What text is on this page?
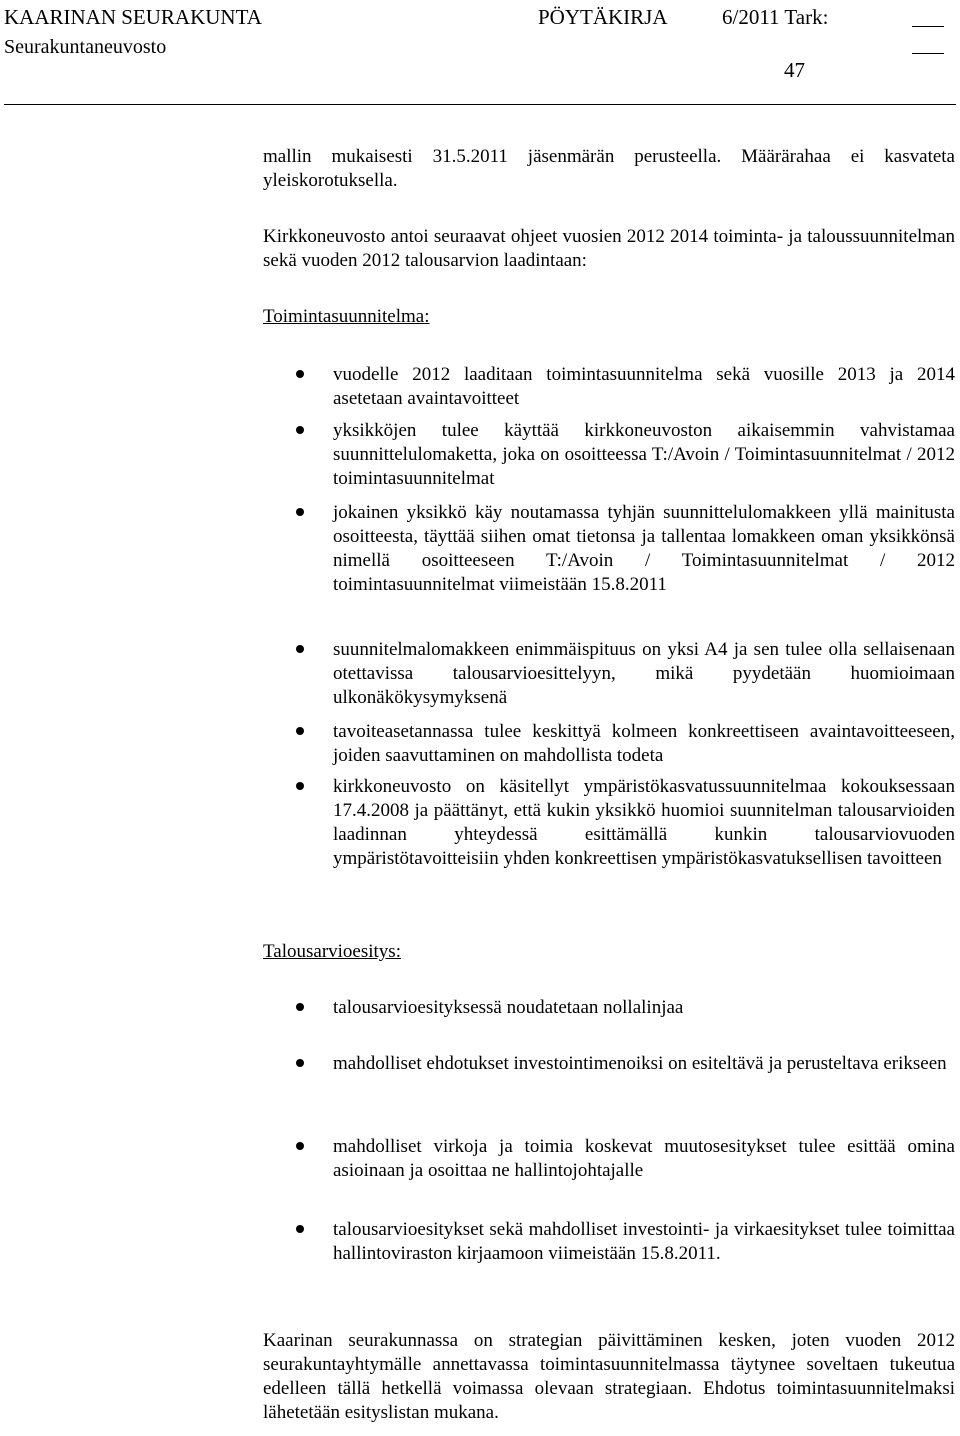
KAARINAN SEURAKUNTA	PÖYTÄKIRJA	6/2011 Tark:
Seurakuntaneuvosto
47

mallin mukaisesti 31.5.2011 jäsenmärän perusteella. Määrärahaa ei kasvateta yleiskorotuksella.

Kirkkoneuvosto antoi seuraavat ohjeet vuosien 2012 2014 toiminta- ja taloussuunnitelman sekä vuoden 2012 talousarvion laadintaan:

Toimintasuunnitelma:

vuodelle 2012 laaditaan toimintasuunnitelma sekä vuosille 2013 ja 2014 asetetaan avaintavoitteet

yksikköjen tulee käyttää kirkkoneuvoston aikaisemmin vahvistamaa suunnittelulomaketta, joka on osoitteessa T:/Avoin / Toimintasuunnitelmat / 2012 toimintasuunnitelmat

jokainen yksikkö käy noutamassa tyhjän suunnittelulomakkeen yllä mainitusta osoitteesta, täyttää siihen omat tietonsa ja tallentaa lomakkeen oman yksikkönsä nimellä osoitteeseen T:/Avoin / Toimintasuunnitelmat / 2012 toimintasuunnitelmat viimeistään 15.8.2011

suunnitelmalomakkeen enimmäispituus on yksi A4 ja sen tulee olla sellaisenaan otettavissa talousarvioesittelyyn, mikä pyydetään huomioimaan ulkonäkökysymyksenä

tavoiteasetannassa tulee keskittyä kolmeen konkreettiseen avaintavoitteeseen, joiden saavuttaminen on mahdollista todeta

kirkkoneuvosto on käsitellyt ympäristökasvatussuunnitelmaa kokouksessaan 17.4.2008 ja päättänyt, että kukin yksikkö huomioi suunnitelman talousarvioiden laadinnan yhteydessä esittämällä kunkin talousarviovuoden ympäristötavoitteisiin yhden konkreettisen ympäristökasvatuksellisen tavoitteen

Talousarvioesitys:

talousarvioesityksessä noudatetaan nollalinjaa

mahdolliset ehdotukset investointimenoiksi on esiteltävä ja perusteltava erikseen

mahdolliset virkoja ja toimia koskevat muutosesitykset tulee esittää omina asioinaan ja osoittaa ne hallintojohtajalle

talousarvioesitykset sekä mahdolliset investointi- ja virkaesitykset tulee toimittaa hallintoviraston kirjaamoon viimeistään 15.8.2011.

Kaarinan seurakunnassa on strategian päivittäminen kesken, joten vuoden 2012 seurakuntayhtymälle annettavassa toimintasuunnitelmassa täytynee soveltaen tukeutua edelleen tällä hetkellä voimassa olevaan strategiaan. Ehdotus toimintasuunnitelmaksi lähetetään esityslistan mukana.
